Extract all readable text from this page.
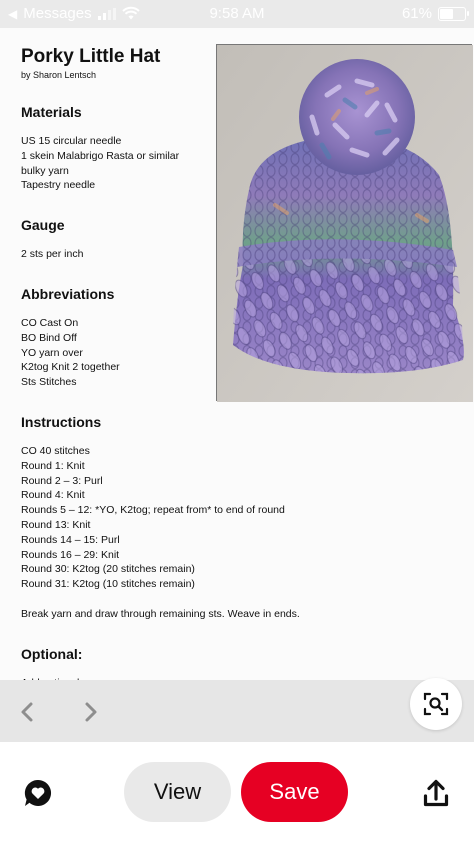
◀ Messages	9:58 AM	61%
Porky Little Hat
by Sharon Lentsch
Materials
US 15 circular needle
1 skein Malabrigo Rasta or similar
bulky yarn
Tapestry needle
Gauge
2 sts per inch
Abbreviations
CO Cast On
BO Bind Off
YO yarn over
K2tog Knit 2 together
Sts Stitches
Instructions
CO 40 stitches
Round 1: Knit
Round 2 – 3: Purl
Round 4: Knit
Rounds 5 – 12: *YO, K2tog; repeat from* to end of round
Round 13: Knit
Rounds 14 – 15: Purl
Rounds 16 – 29: Knit
Round 30: K2tog (20 stitches remain)
Round 31: K2tog (10 stitches remain)
Break yarn and draw through remaining sts. Weave in ends.
Optional:
View	Save
